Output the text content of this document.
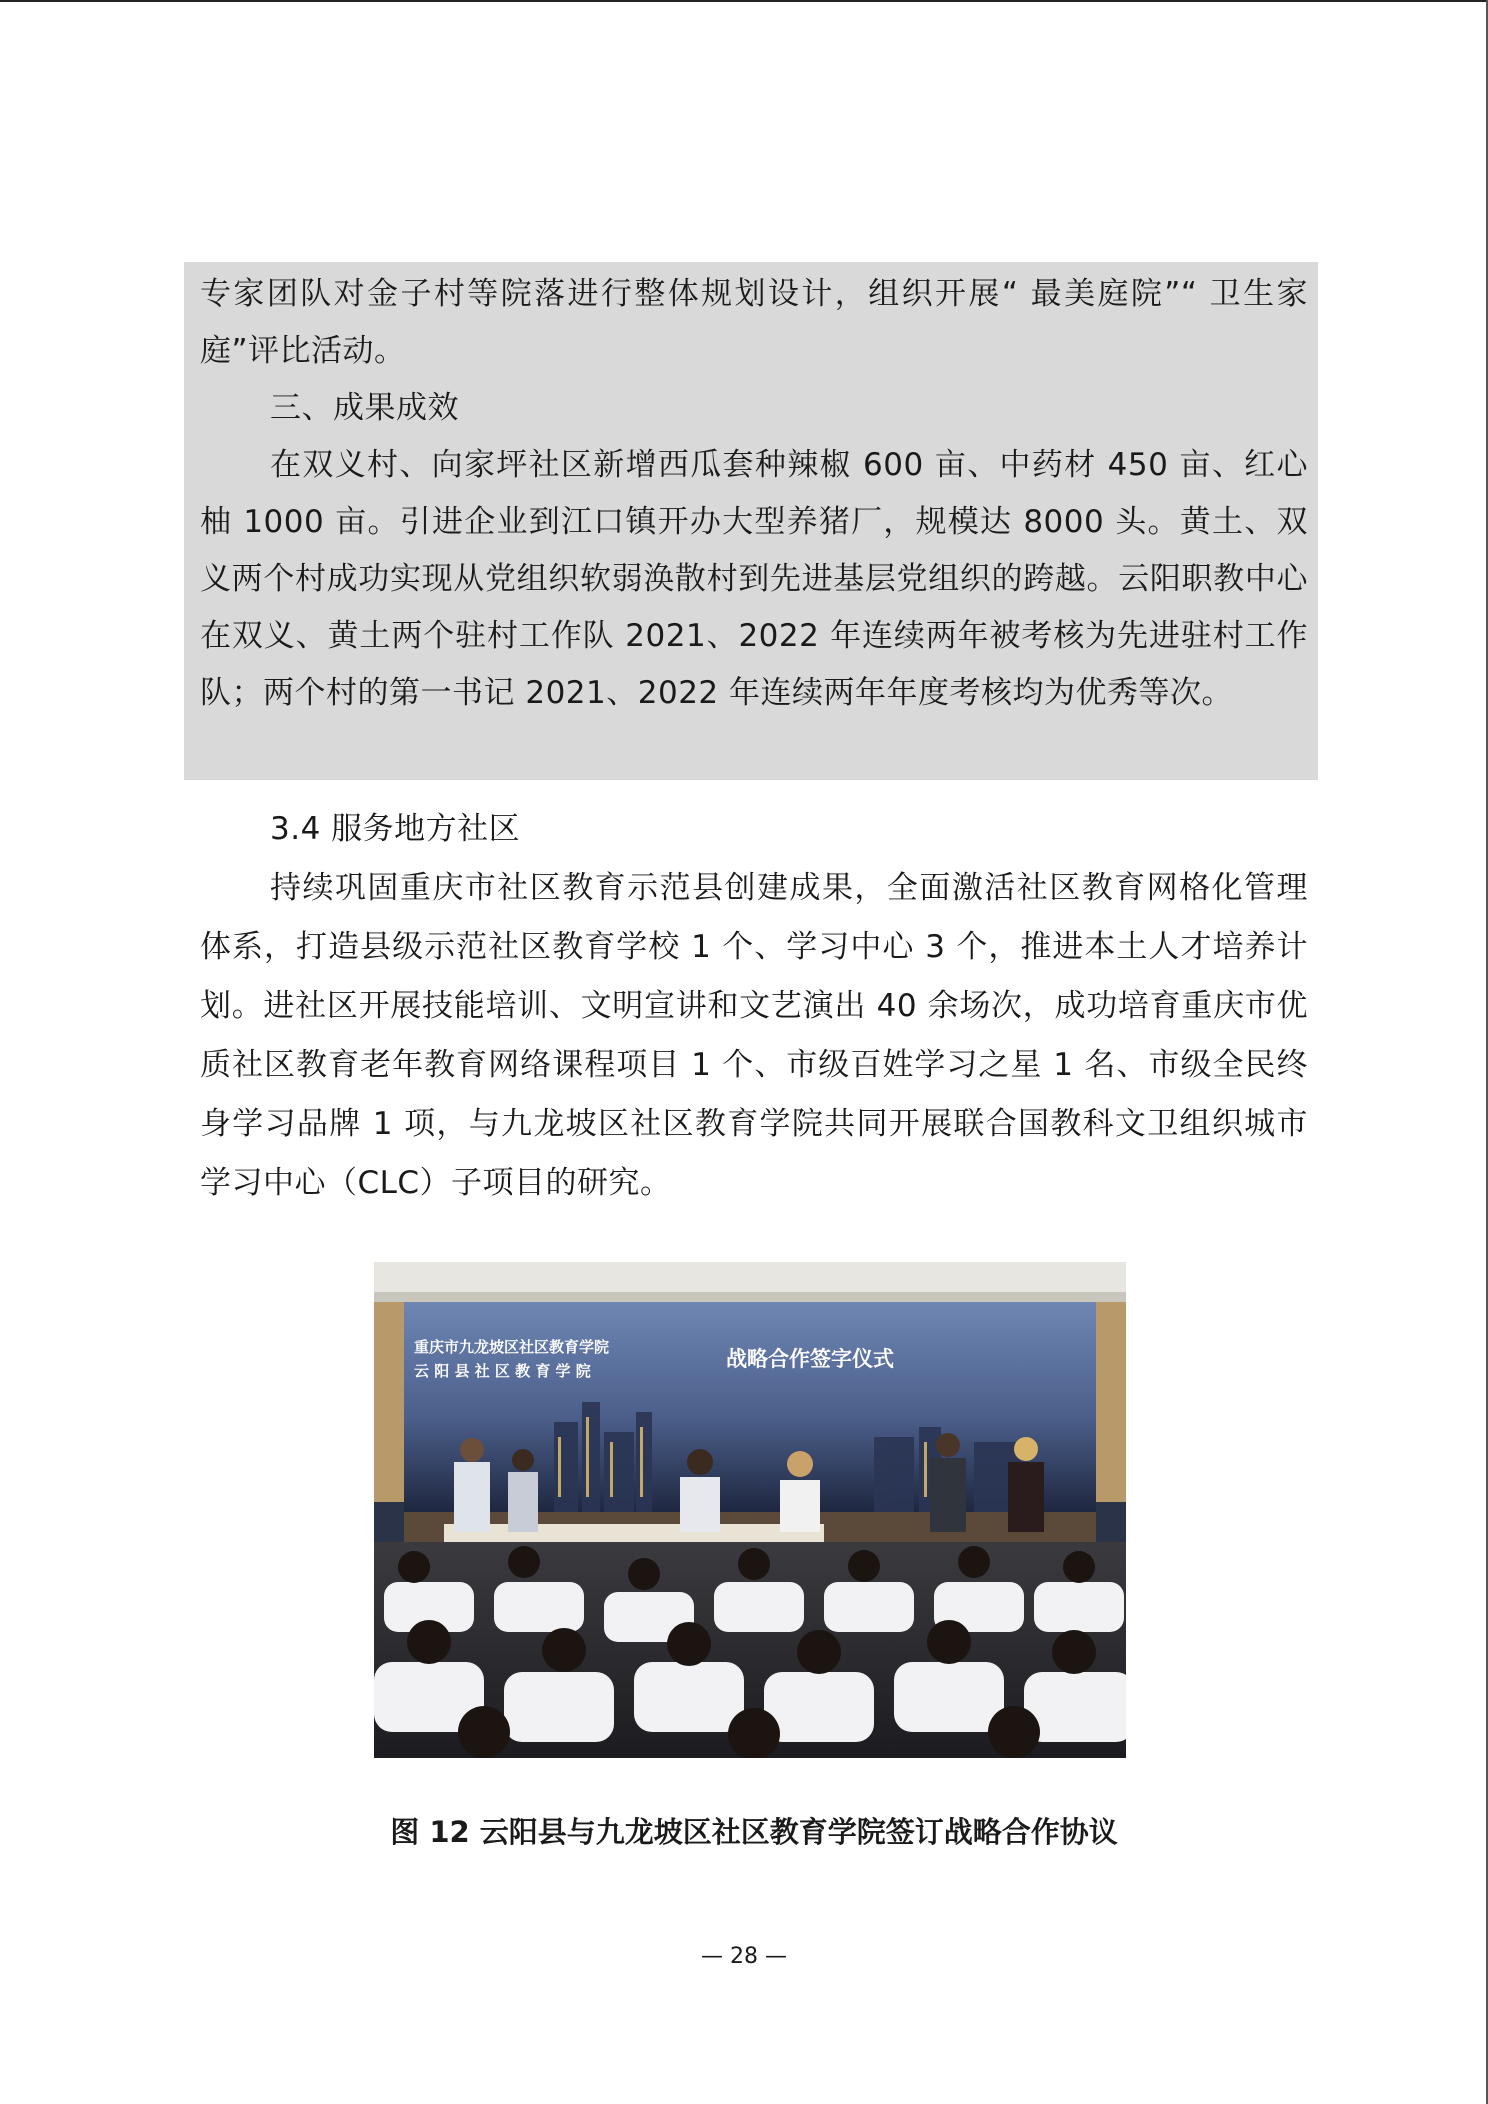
专家团队对金子村等院落进行整体规划设计，组织开展“ 最美庭院”“ 卫生家庭”评比活动。

三、成果成效

在双义村、向家坪社区新增西瓜套种辣椒 600 亩、中药材 450 亩、红心柚 1000 亩。引进企业到江口镇开办大型养猪厂，规模达 8000 头。黄土、双义两个村成功实现从党组织软弱涣散村到先进基层党组织的跨越。云阳职教中心在双义、黄土两个驻村工作队 2021、2022 年连续两年被考核为先进驻村工作队；两个村的第一书记 2021、2022 年连续两年年度考核均为优秀等次。

3.4 服务地方社区

持续巩固重庆市社区教育示范县创建成果，全面激活社区教育网格化管理体系，打造县级示范社区教育学校 1 个、学习中心 3 个，推进本土人才培养计划。进社区开展技能培训、文明宣讲和文艺演出 40 余场次，成功培育重庆市优质社区教育老年教育网络课程项目 1 个、市级百姓学习之星 1 名、市级全民终身学习品牌 1 项，与九龙坡区社区教育学院共同开展联合国教科文卫组织城市学习中心（CLC）子项目的研究。

重庆市九龙坡区社区教育学院
云 阳 县 社 区 教 育 学 院	战略合作签字仪式
图 12 云阳县与九龙坡区社区教育学院签订战略合作协议
— 28 —
